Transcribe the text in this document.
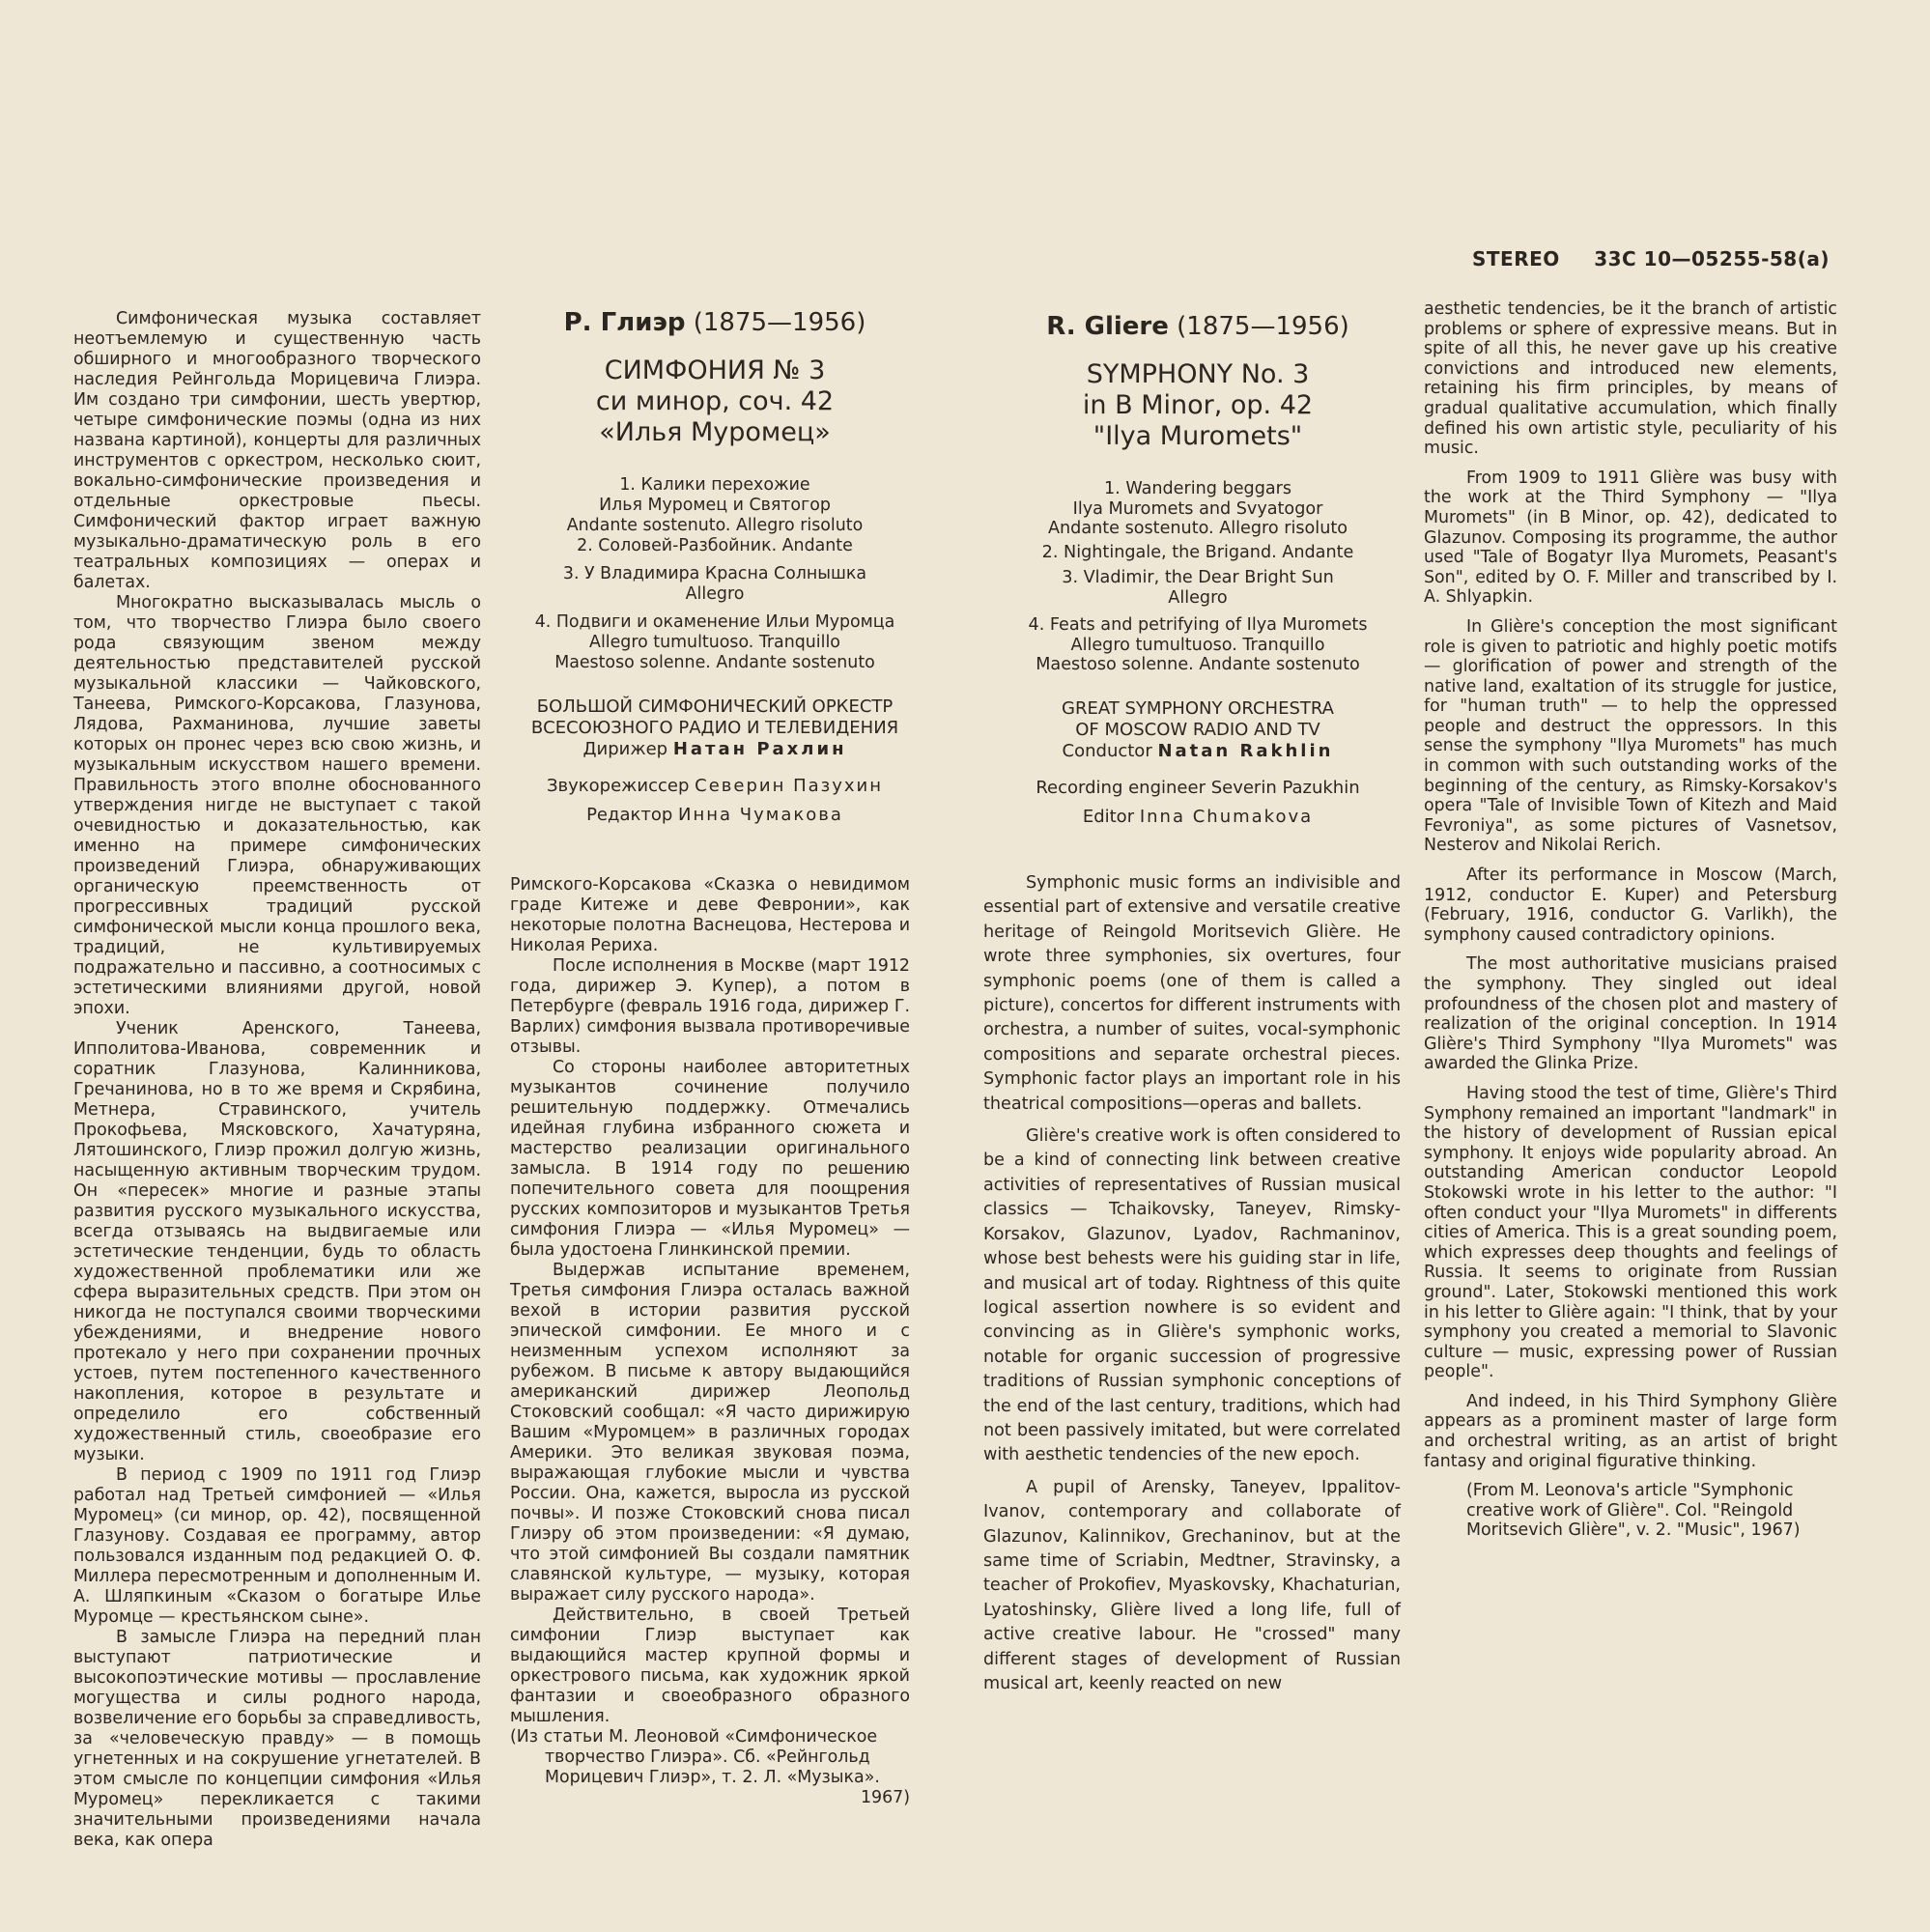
STEREO 33С 10—05255-58(а)

Симфоническая музыка составляет неотъемлемую и существенную часть обширного и многообразного творческого наследия Рейнгольда Морицевича Глиэра. Им создано три симфонии, шесть увертюр, четыре симфонические поэмы (одна из них названа картиной), концерты для различных инструментов с оркестром, несколько сюит, вокально-симфонические произведения и отдельные оркестровые пьесы. Симфонический фактор играет важную музыкально-драматическую роль в его театральных композициях — операх и балетах.

Многократно высказывалась мысль о том, что творчество Глиэра было своего рода связующим звеном между деятельностью представителей русской музыкальной классики — Чайковского, Танеева, Римского-Корсакова, Глазунова, Лядова, Рахманинова, лучшие заветы которых он пронес через всю свою жизнь, и музыкальным искусством нашего времени. Правильность этого вполне обоснованного утверждения нигде не выступает с такой очевидностью и доказательностью, как именно на примере симфонических произведений Глиэра, обнаруживающих органическую преемственность от прогрессивных традиций русской симфонической мысли конца прошлого века, традиций, не культивируемых подражательно и пассивно, а соотносимых с эстетическими влияниями другой, новой эпохи.

Ученик Аренского, Танеева, Ипполитова-Иванова, современник и соратник Глазунова, Калинникова, Гречанинова, но в то же время и Скрябина, Метнера, Стравинского, учитель Прокофьева, Мясковского, Хачатуряна, Лятошинского, Глиэр прожил долгую жизнь, насыщенную активным творческим трудом. Он «пересек» многие и разные этапы развития русского музыкального искусства, всегда отзываясь на выдвигаемые или эстетические тенденции, будь то область художественной проблематики или же сфера выразительных средств. При этом он никогда не поступался своими творческими убеждениями, и внедрение нового протекало у него при сохранении прочных устоев, путем постепенного качественного накопления, которое в результате и определило его собственный художественный стиль, своеобразие его музыки.

В период с 1909 по 1911 год Глиэр работал над Третьей симфонией — «Илья Муромец» (си минор, ор. 42), посвященной Глазунову. Создавая ее программу, автор пользовался изданным под редакцией О. Ф. Миллера пересмотренным и дополненным И. А. Шляпкиным «Сказом о богатыре Илье Муромце — крестьянском сыне».

В замысле Глиэра на передний план выступают патриотические и высокопоэтические мотивы — прославление могущества и силы родного народа, возвеличение его борьбы за справедливость, за «человеческую правду» — в помощь угнетенных и на сокрушение угнетателей. В этом смысле по концепции симфония «Илья Муромец» перекликается с такими значительными произведениями начала века, как опера

Р. Глиэр (1875—1956)
СИМФОНИЯ № 3
си минор, соч. 42
«Илья Муромец»
1. Калики перехожие
Илья Муромец и Святогор
Andante sostenuto. Allegro risoluto
2. Соловей-Разбойник. Andante
3. У Владимира Красна Солнышка
Allegro
4. Подвиги и окаменение Ильи Муромца
Allegro tumultuoso. Tranquillo
Maestoso solenne. Andante sostenuto
БОЛЬШОЙ СИМФОНИЧЕСКИЙ ОРКЕСТР
ВСЕСОЮЗНОГО РАДИО И ТЕЛЕВИДЕНИЯ
Дирижер Натан Рахлин
Звукорежиссер Северин Пазухин
Редактор Инна Чумакова

Римского-Корсакова «Сказка о невидимом граде Китеже и деве Февронии», как некоторые полотна Васнецова, Нестерова и Николая Рериха.

После исполнения в Москве (март 1912 года, дирижер Э. Купер), а потом в Петербурге (февраль 1916 года, дирижер Г. Варлих) симфония вызвала противоречивые отзывы.

Со стороны наиболее авторитетных музыкантов сочинение получило решительную поддержку. Отмечались идейная глубина избранного сюжета и мастерство реализации оригинального замысла. В 1914 году по решению попечительного совета для поощрения русских композиторов и музыкантов Третья симфония Глиэра — «Илья Муромец» — была удостоена Глинкинской премии.

Выдержав испытание временем, Третья симфония Глиэра осталась важной вехой в истории развития русской эпической симфонии. Ее много и с неизменным успехом исполняют за рубежом. В письме к автору выдающийся американский дирижер Леопольд Стоковский сообщал: «Я часто дирижирую Вашим «Муромцем» в различных городах Америки. Это великая звуковая поэма, выражающая глубокие мысли и чувства России. Она, кажется, выросла из русской почвы». И позже Стоковский снова писал Глиэру об этом произведении: «Я думаю, что этой симфонией Вы создали памятник славянской культуре, — музыку, которая выражает силу русского народа».

Действительно, в своей Третьей симфонии Глиэр выступает как выдающийся мастер крупной формы и оркестрового письма, как художник яркой фантазии и своеобразного образного мышления.

(Из статьи М. Леоновой «Симфоническое
творчество Глиэра». Сб. «Рейнгольд
Морицевич Глиэр», т. 2. Л. «Музыка».
1967)
R. Gliere (1875—1956)
SYMPHONY No. 3
in B Minor, op. 42
"Ilya Muromets"
1. Wandering beggars
Ilya Muromets and Svyatogor
Andante sostenuto. Allegro risoluto
2. Nightingale, the Brigand. Andante
3. Vladimir, the Dear Bright Sun
Allegro
4. Feats and petrifying of Ilya Muromets
Allegro tumultuoso. Tranquillo
Maestoso solenne. Andante sostenuto
GREAT SYMPHONY ORCHESTRA
OF MOSCOW RADIO AND TV
Conductor Natan Rakhlin
Recording engineer Severin Pazukhin
Editor Inna Chumakova

Symphonic music forms an indivisible and essential part of extensive and versatile creative heritage of Reingold Moritsevich Glière. He wrote three symphonies, six overtures, four symphonic poems (one of them is called a picture), concertos for different instruments with orchestra, a number of suites, vocal-symphonic compositions and separate orchestral pieces. Symphonic factor plays an important role in his theatrical compositions—operas and ballets.

Glière's creative work is often considered to be a kind of connecting link between creative activities of representatives of Russian musical classics — Tchaikovsky, Taneyev, Rimsky-Korsakov, Glazunov, Lyadov, Rachmaninov, whose best behests were his guiding star in life, and musical art of today. Rightness of this quite logical assertion nowhere is so evident and convincing as in Glière's symphonic works, notable for organic succession of progressive traditions of Russian symphonic conceptions of the end of the last century, traditions, which had not been passively imitated, but were correlated with aesthetic tendencies of the new epoch.

A pupil of Arensky, Taneyev, Ippalitov-Ivanov, contemporary and collaborate of Glazunov, Kalinnikov, Grechaninov, but at the same time of Scriabin, Medtner, Stravinsky, a teacher of Prokofiev, Myaskovsky, Khachaturian, Lyatoshinsky, Glière lived a long life, full of active creative labour. He "crossed" many different stages of development of Russian musical art, keenly reacted on new

aesthetic tendencies, be it the branch of artistic problems or sphere of expressive means. But in spite of all this, he never gave up his creative convictions and introduced new elements, retaining his firm principles, by means of gradual qualitative accumulation, which finally defined his own artistic style, peculiarity of his music.

From 1909 to 1911 Glière was busy with the work at the Third Symphony — "Ilya Muromets" (in B Minor, op. 42), dedicated to Glazunov. Composing its programme, the author used "Tale of Bogatyr Ilya Muromets, Peasant's Son", edited by O. F. Miller and transcribed by I. A. Shlyapkin.

In Glière's conception the most significant role is given to patriotic and highly poetic motifs — glorification of power and strength of the native land, exaltation of its struggle for justice, for "human truth" — to help the oppressed people and destruct the oppressors. In this sense the symphony "Ilya Muromets" has much in common with such outstanding works of the beginning of the century, as Rimsky-Korsakov's opera "Tale of Invisible Town of Kitezh and Maid Fevroniya", as some pictures of Vasnetsov, Nesterov and Nikolai Rerich.

After its performance in Moscow (March, 1912, conductor E. Kuper) and Petersburg (February, 1916, conductor G. Varlikh), the symphony caused contradictory opinions.

The most authoritative musicians praised the symphony. They singled out ideal profoundness of the chosen plot and mastery of realization of the original conception. In 1914 Glière's Third Symphony "Ilya Muromets" was awarded the Glinka Prize.

Having stood the test of time, Glière's Third Symphony remained an important "landmark" in the history of development of Russian epical symphony. It enjoys wide popularity abroad. An outstanding American conductor Leopold Stokowski wrote in his letter to the author: "I often conduct your "Ilya Muromets" in differents cities of America. This is a great sounding poem, which expresses deep thoughts and feelings of Russia. It seems to originate from Russian ground". Later, Stokowski mentioned this work in his letter to Glière again: "I think, that by your symphony you created a memorial to Slavonic culture — music, expressing power of Russian people".

And indeed, in his Third Symphony Glière appears as a prominent master of large form and orchestral writing, as an artist of bright fantasy and original figurative thinking.

(From M. Leonova's article "Symphonic
creative work of Glière". Col. "Reingold
Moritsevich Glière", v. 2. "Music", 1967)
